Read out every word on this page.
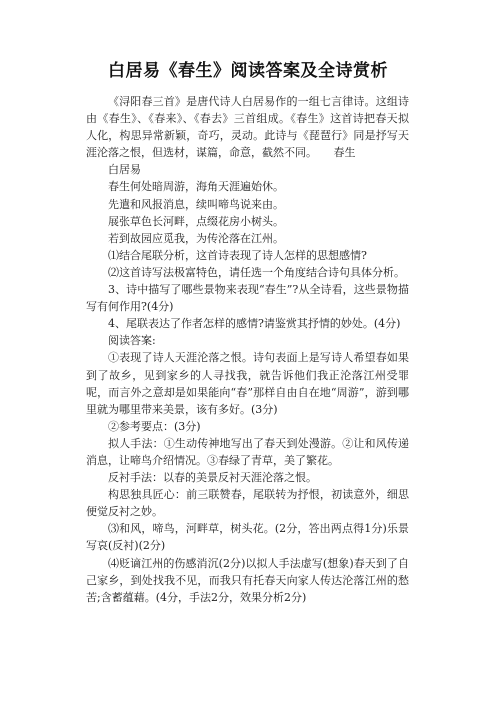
白居易《春生》阅读答案及全诗赏析

《浔阳春三首》是唐代诗人白居易作的一组七言律诗。这组诗由《春生》、《春来》、《春去》三首组成。《春生》这首诗把春天拟人化，构思异常新颖，奇巧，灵动。此诗与《琵琶行》同是抒写天涯沦落之恨，但选材，谋篇，命意，截然不同。　　春生

白居易

春生何处暗周游，海角天涯遍始休。

先遣和风报消息，续叫啼鸟说来由。

展张草色长河畔，点缀花房小树头。

若到故园应觅我，为传沦落在江州。

⑴结合尾联分析，这首诗表现了诗人怎样的思想感情?

⑵这首诗写法极富特色，请任选一个角度结合诗句具体分析。

3、诗中描写了哪些景物来表现“春生”?从全诗看，这些景物描写有何作用?(4分)

4、尾联表达了作者怎样的感情?请鉴赏其抒情的妙处。(4分)

阅读答案:

①表现了诗人天涯沦落之恨。诗句表面上是写诗人希望春如果到了故乡，见到家乡的人寻找我，就告诉他们我正沦落江州受罪呢，而言外之意却是如果能向“春”那样自由自在地“周游”，游到哪里就为哪里带来美景，该有多好。(3分)

②参考要点：(3分)

拟人手法：①生动传神地写出了春天到处漫游。②让和风传递消息，让啼鸟介绍情况。③春绿了青草，美了繁花。

反衬手法：以春的美景反衬天涯沦落之恨。

构思独具匠心：前三联赞春，尾联转为抒恨，初读意外，细思便觉反衬之妙。

⑶和风，啼鸟，河畔草，树头花。(2分，答出两点得1分)乐景写哀(反衬)(2分)

⑷贬谪江州的伤感消沉(2分)以拟人手法虚写(想象)春天到了自己家乡，到处找我不见，而我只有托春天向家人传达沦落江州的愁苦;含蓄蕴藉。(4分，手法2分，效果分析2分)
